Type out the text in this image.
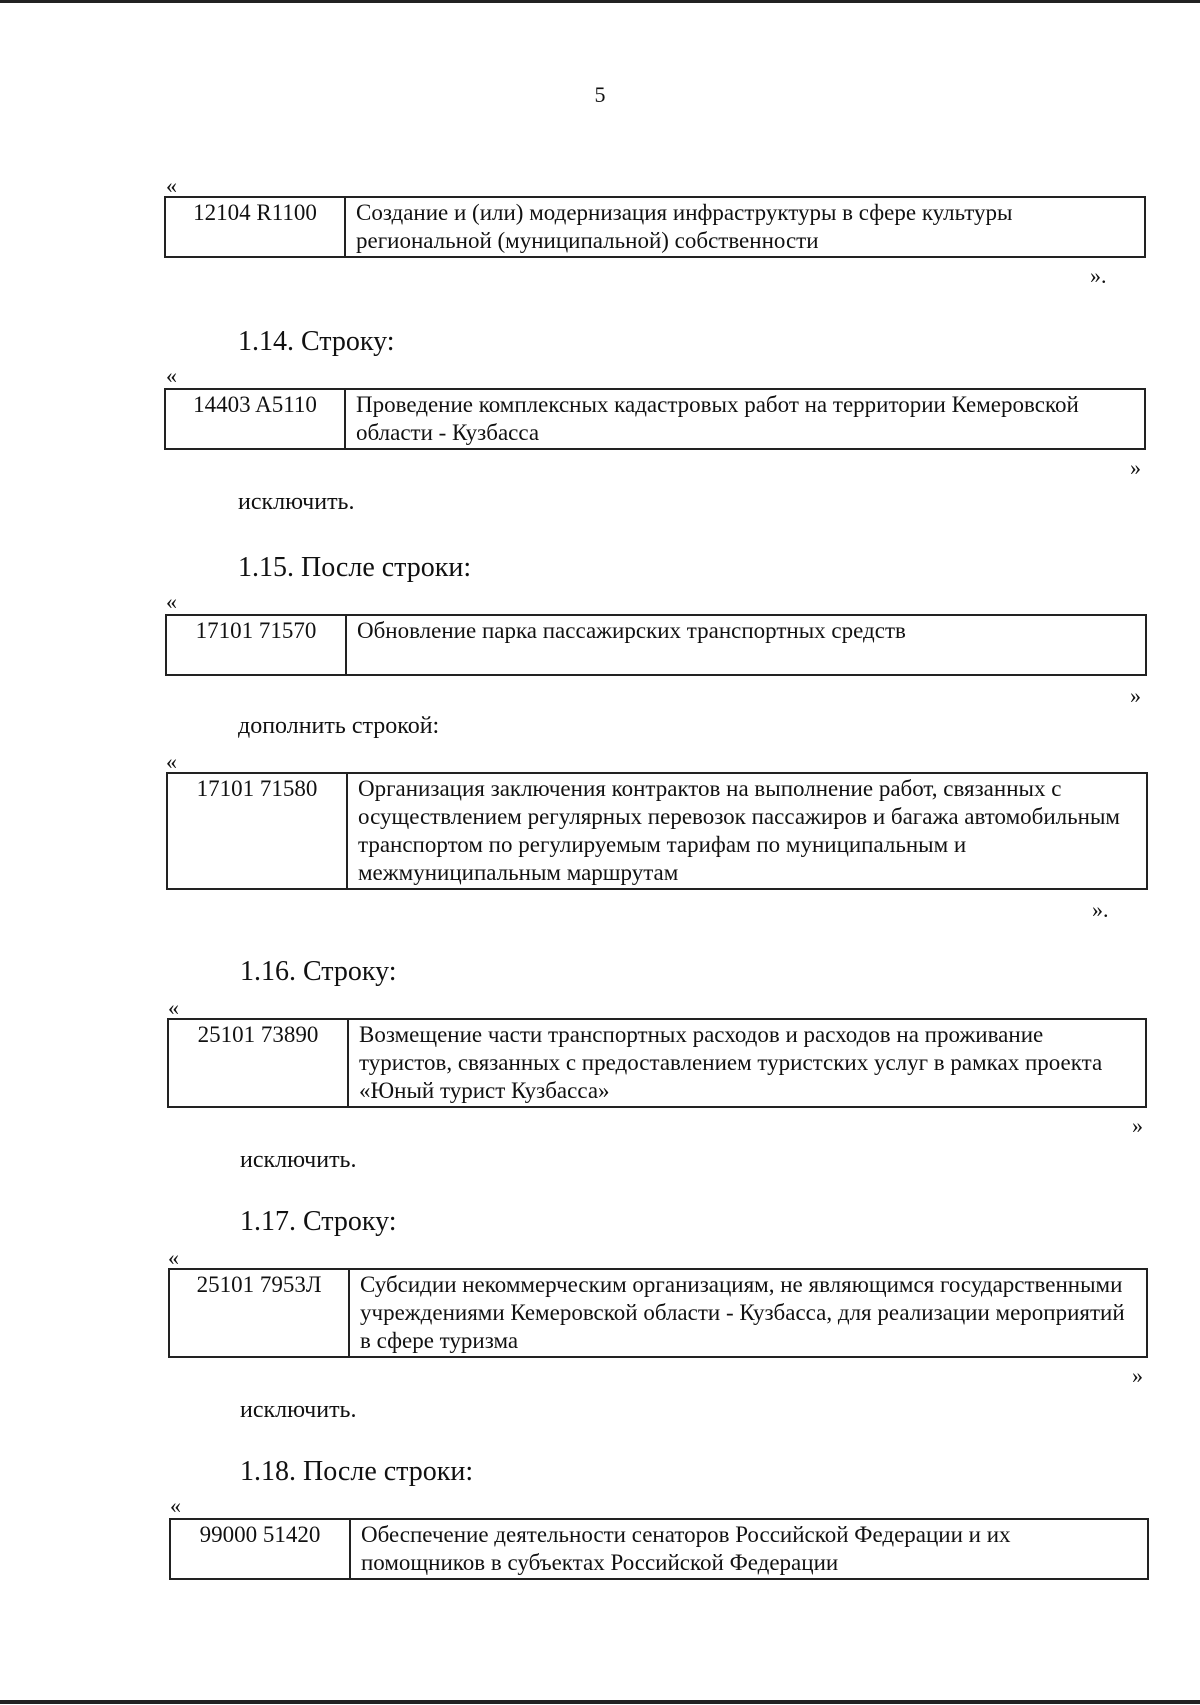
5
«
12104 R1100	Создание и (или) модернизация инфраструктуры в сфере культуры региональной (муниципальной) собственности
».
1.14. Строку:
«
14403 A5110	Проведение комплексных кадастровых работ на территории Кемеровской области - Кузбасса
»
исключить.
1.15. После строки:
«
17101 71570	Обновление парка пассажирских транспортных средств
»
дополнить строкой:
«
17101 71580	Организация заключения контрактов на выполнение работ, связанных с осуществлением регулярных перевозок пассажиров и багажа автомобильным транспортом по регулируемым тарифам по муниципальным и межмуниципальным маршрутам
».
1.16. Строку:
«
25101 73890	Возмещение части транспортных расходов и расходов на проживание туристов, связанных с предоставлением туристских услуг в рамках проекта «Юный турист Кузбасса»
»
исключить.
1.17. Строку:
«
25101 7953Л	Субсидии некоммерческим организациям, не являющимся государственными учреждениями Кемеровской области - Кузбасса, для реализации мероприятий в сфере туризма
»
исключить.
1.18. После строки:
«
99000 51420	Обеспечение деятельности сенаторов Российской Федерации и их помощников в субъектах Российской Федерации
